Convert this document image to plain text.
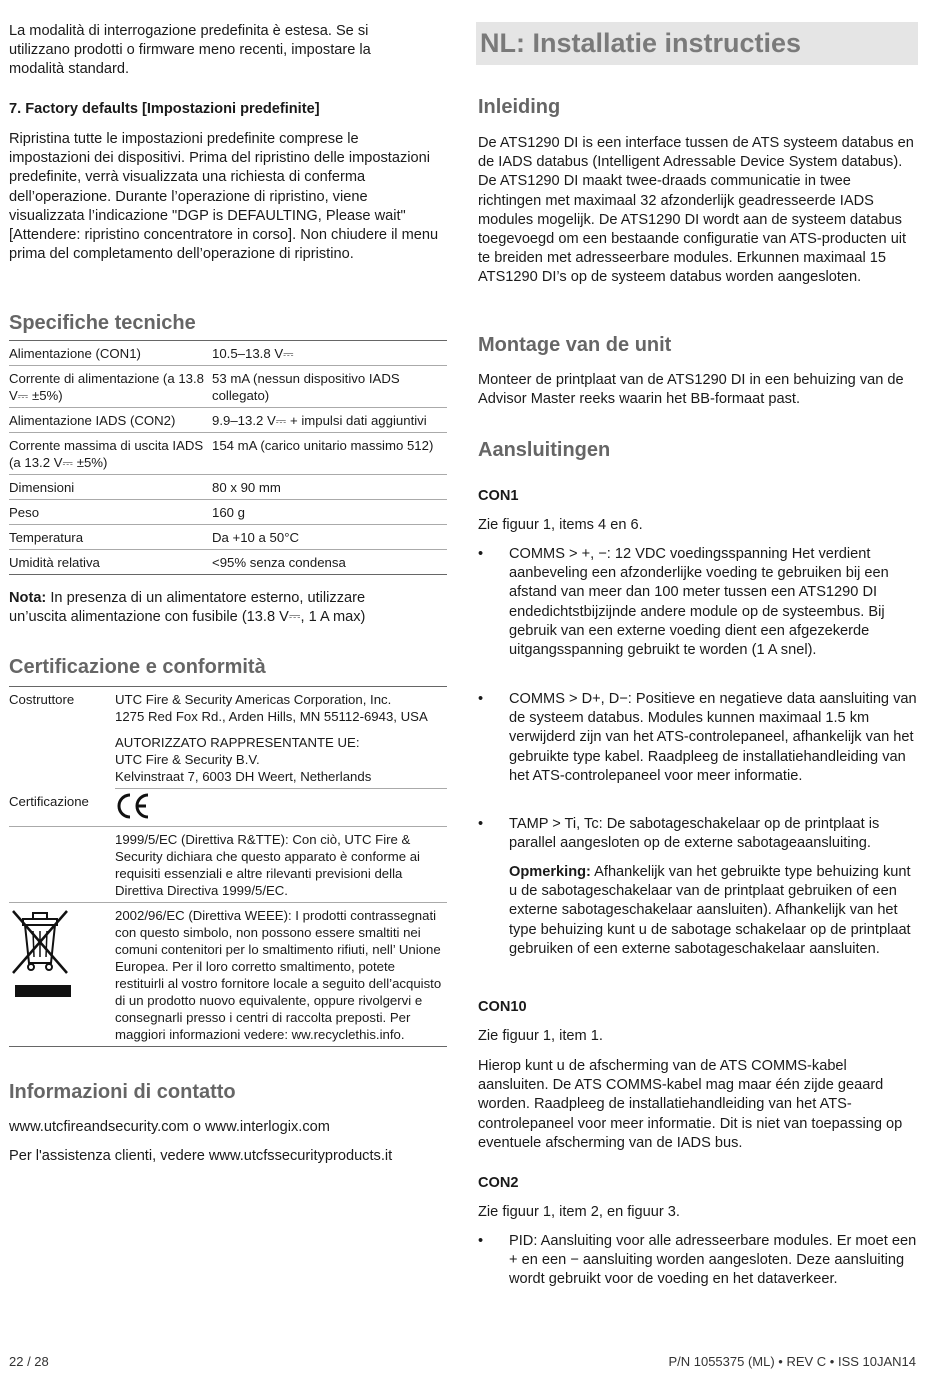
La modalità di interrogazione predefinita è estesa. Se si utilizzano prodotti o firmware meno recenti, impostare la modalità standard.

7. Factory defaults [Impostazioni predefinite]

Ripristina tutte le impostazioni predefinite comprese le impostazioni dei dispositivi. Prima del ripristino delle impostazioni predefinite, verrà visualizzata una richiesta di conferma dell’operazione. Durante l’operazione di ripristino, viene visualizzata l’indicazione "DGP is DEFAULTING, Please wait" [Attendere: ripristino concentratore in corso]. Non chiudere il menu prima del completamento dell’operazione di ripristino.

Specifiche tecniche

Alimentazione (CON1)	10.5–13.8 V⎓
Corrente di alimentazione (a 13.8 V⎓ ±5%)	53 mA (nessun dispositivo IADS collegato)
Alimentazione IADS (CON2)	9.9–13.2 V⎓ + impulsi dati aggiuntivi
Corrente massima di uscita IADS (a 13.2 V⎓ ±5%)	154 mA (carico unitario massimo 512)
Dimensioni	80 x 90 mm
Peso	160 g
Temperatura	Da +10 a 50°C
Umidità relativa	<95% senza condensa

Nota: In presenza di un alimentatore esterno, utilizzare un’uscita alimentazione con fusibile (13.8 V⎓, 1 A max)

Certificazione e conformità

Costruttore	UTC Fire & Security Americas Corporation, Inc.
1275 Red Fox Rd., Arden Hills, MN 55112-6943, USA

	AUTORIZZATO RAPPRESENTANTE UE:
UTC Fire & Security B.V.
Kelvinstraat 7, 6003 DH Weert, Netherlands

Certificazione	
	1999/5/EC (Direttiva R&TTE): Con ciò, UTC Fire & Security dichiara che questo apparato è conforme ai requisiti essenziali e altre rilevanti previsioni della Direttiva Directiva 1999/5/EC.
	2002/96/EC (Direttiva WEEE): I prodotti contrassegnati con questo simbolo, non possono essere smaltiti nei comuni contenitori per lo smaltimento rifiuti, nell’ Unione Europea. Per il loro corretto smaltimento, potete restituirli al vostro fornitore locale a seguito dell’acquisto di un prodotto nuovo equivalente, oppure rivolgervi e consegnarli presso i centri di raccolta preposti. Per maggiori informazioni vedere: ww.recyclethis.info.

Informazioni di contatto

www.utcfireandsecurity.com o www.interlogix.com

Per l'assistenza clienti, vedere www.utcfssecurityproducts.it

NL: Installatie instructies

Inleiding

De ATS1290 DI is een interface tussen de ATS systeem databus en de IADS databus (Intelligent Adressable Device System databus). De ATS1290 DI maakt twee-draads communicatie in twee richtingen met maximaal 32 afzonderlijk geadresseerde IADS modules mogelijk. De ATS1290 DI wordt aan de systeem databus toegevoegd om een bestaande configuratie van ATS-producten uit te breiden met adresseerbare modules. Erkunnen maximaal 15 ATS1290 DI’s op de systeem databus worden aangesloten.

Montage van de unit

Monteer de printplaat van de ATS1290 DI in een behuizing van de Advisor Master reeks waarin het BB-formaat past.

Aansluitingen

CON1

Zie figuur 1, items 4 en 6.

• COMMS > +, −: 12 VDC voedingsspanning Het verdient aanbeveling een afzonderlijke voeding te gebruiken bij een afstand van meer dan 100 meter tussen een ATS1290 DI endedichtstbijzijnde andere module op de systeembus. Bij gebruik van een externe voeding dient een afgezekerde uitgangsspanning gebruikt te worden (1 A snel).

• COMMS > D+, D−: Positieve en negatieve data aansluiting van de systeem databus. Modules kunnen maximaal 1.5 km verwijderd zijn van het ATS-controlepaneel, afhankelijk van het gebruikte type kabel. Raadpleeg de installatiehandleiding van het ATS-controlepaneel voor meer informatie.

• TAMP > Ti, Tc: De sabotageschakelaar op de printplaat is parallel aangesloten op de externe sabotageaansluiting.

Opmerking: Afhankelijk van het gebruikte type behuizing kunt u de sabotageschakelaar van de printplaat gebruiken of een externe sabotageschakelaar aansluiten). Afhankelijk van het type behuizing kunt u de sabotage schakelaar op de printplaat gebruiken of een externe sabotageschakelaar aansluiten.

CON10

Zie figuur 1, item 1.

Hierop kunt u de afscherming van de ATS COMMS-kabel aansluiten. De ATS COMMS-kabel mag maar één zijde geaard worden. Raadpleeg de installatiehandleiding van het ATS-controlepaneel voor meer informatie. Dit is niet van toepassing op eventuele afscherming van de IADS bus.

CON2

Zie figuur 1, item 2, en figuur 3.

• PID: Aansluiting voor alle adresseerbare modules. Er moet een + en een − aansluiting worden aangesloten. Deze aansluiting wordt gebruikt voor de voeding en het dataverkeer.

22 / 28	P/N 1055375 (ML) • REV C • ISS 10JAN14
